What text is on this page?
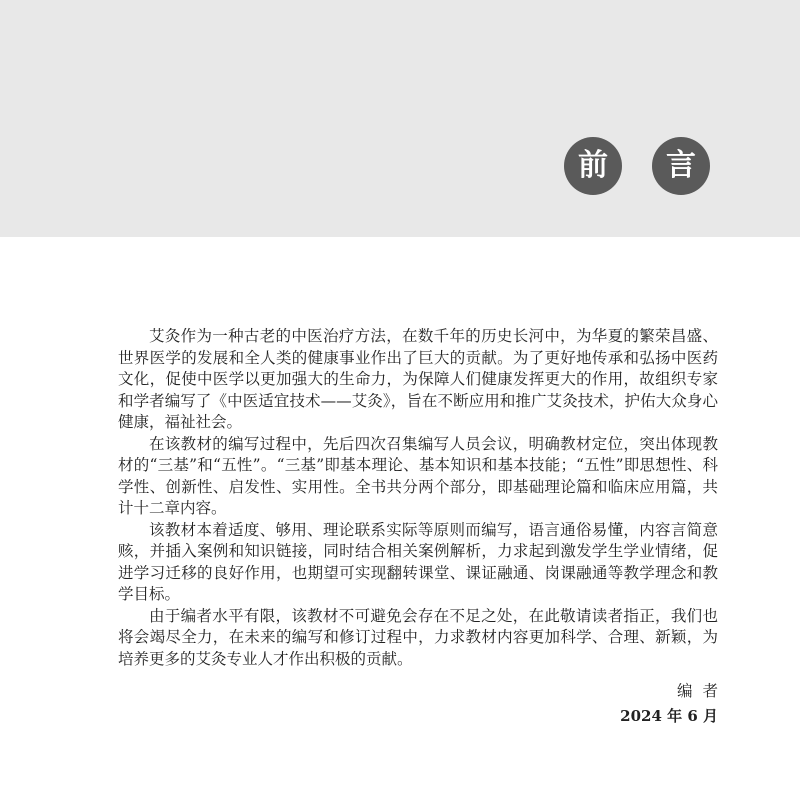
前	言

艾灸作为一种古老的中医治疗方法，在数千年的历史长河中，为华夏的繁荣昌盛、世界医学的发展和全人类的健康事业作出了巨大的贡献。为了更好地传承和弘扬中医药文化，促使中医学以更加强大的生命力，为保障人们健康发挥更大的作用，故组织专家和学者编写了《中医适宜技术——艾灸》，旨在不断应用和推广艾灸技术，护佑大众身心健康，福祉社会。

在该教材的编写过程中，先后四次召集编写人员会议，明确教材定位，突出体现教材的“三基”和“五性”。“三基”即基本理论、基本知识和基本技能；“五性”即思想性、科学性、创新性、启发性、实用性。全书共分两个部分，即基础理论篇和临床应用篇，共计十二章内容。

该教材本着适度、够用、理论联系实际等原则而编写，语言通俗易懂，内容言简意赅，并插入案例和知识链接，同时结合相关案例解析，力求起到激发学生学业情绪，促进学习迁移的良好作用，也期望可实现翻转课堂、课证融通、岗课融通等教学理念和教学目标。

由于编者水平有限，该教材不可避免会存在不足之处，在此敬请读者指正，我们也将会竭尽全力，在未来的编写和修订过程中，力求教材内容更加科学、合理、新颖，为培养更多的艾灸专业人才作出积极的贡献。

编者
2024 年 6 月
